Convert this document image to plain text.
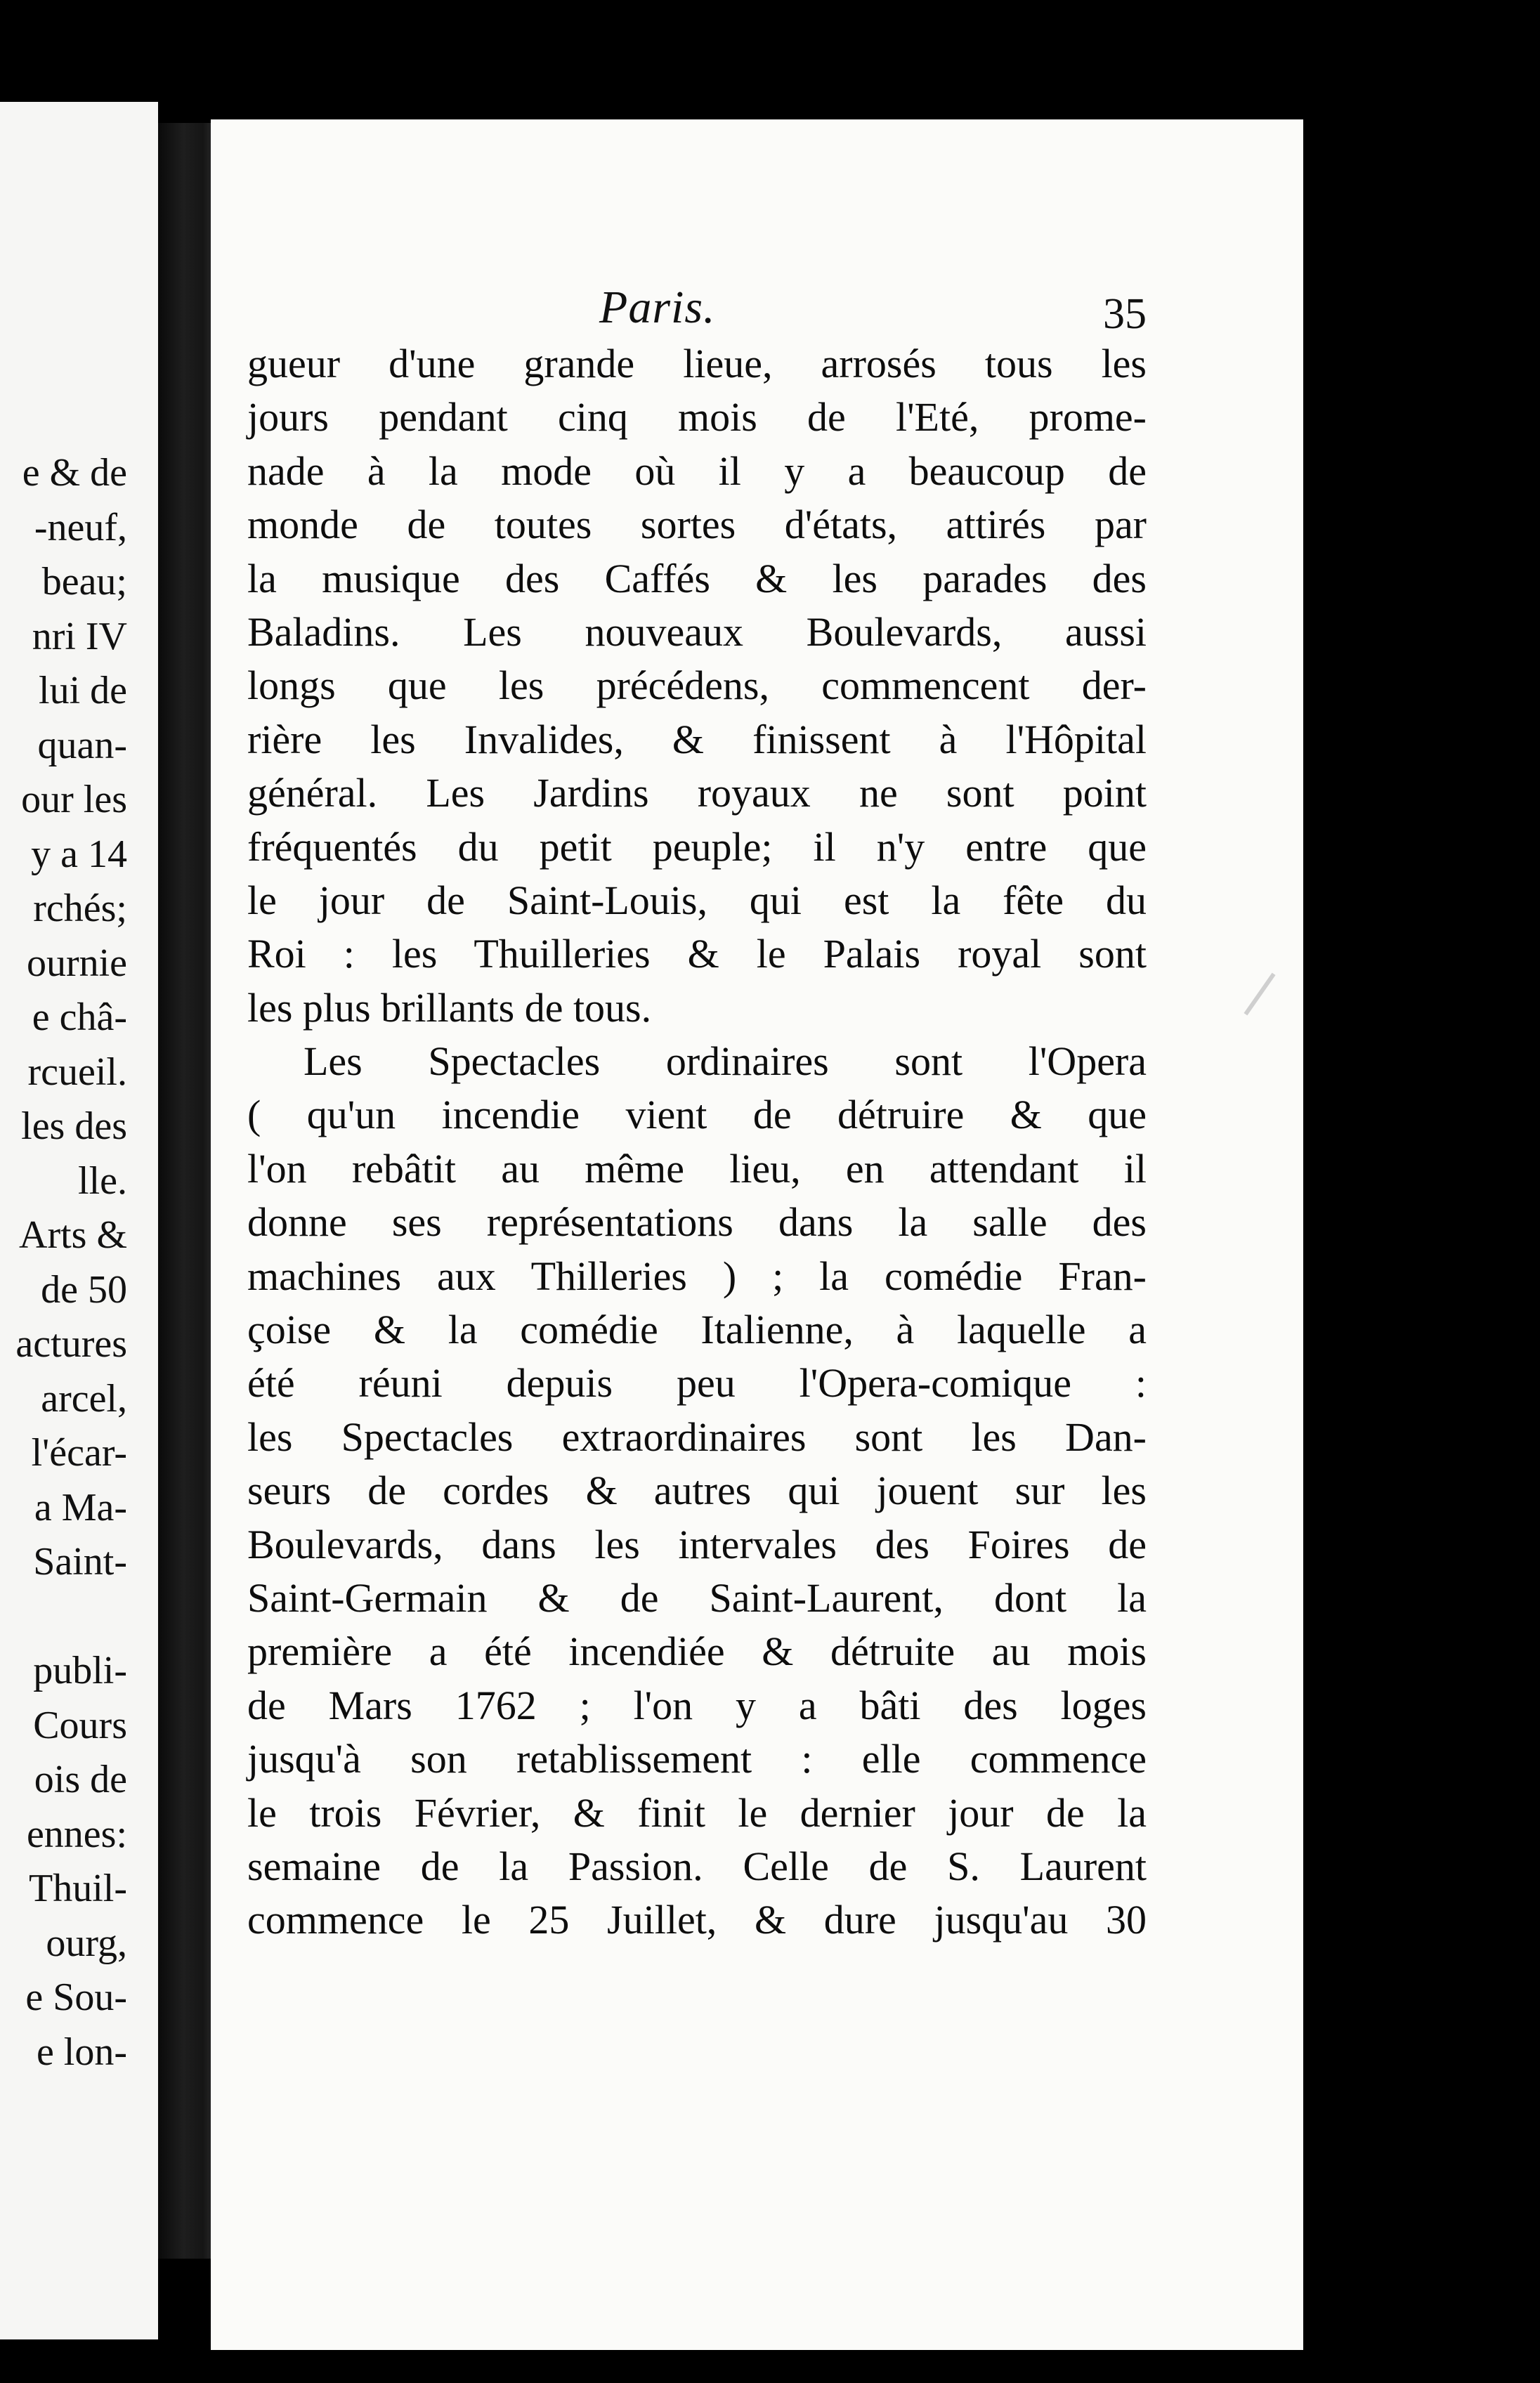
e & de
-neuf,
beau;
nri IV
lui de
quan-
our les
y a 14
rchés;
ournie
e châ-
rcueil.
les des
lle.
Arts &
de 50
actures
arcel,
l'écar-
a Ma-
Saint-
publi-
Cours
ois de
ennes:
Thuil-
ourg,
e Sou-
e lon-
Paris.	35
gueur d'une grande lieue, arrosés tous les
jours pendant cinq mois de l'Eté, prome-
nade à la mode où il y a beaucoup de
monde de toutes sortes d'états, attirés par
la musique des Caffés & les parades des
Baladins. Les nouveaux Boulevards, aussi
longs que les précédens, commencent der-
rière les Invalides, & finissent à l'Hôpital
général. Les Jardins royaux ne sont point
fréquentés du petit peuple; il n'y entre que
le jour de Saint-Louis, qui est la fête du
Roi : les Thuilleries & le Palais royal sont
les plus brillants de tous.
Les Spectacles ordinaires sont l'Opera
( qu'un incendie vient de détruire & que
l'on rebâtit au même lieu, en attendant il
donne ses représentations dans la salle des
machines aux Thilleries ) ; la comédie Fran-
çoise & la comédie Italienne, à laquelle a
été réuni depuis peu l'Opera-comique :
les Spectacles extraordinaires sont les Dan-
seurs de cordes & autres qui jouent sur les
Boulevards, dans les intervales des Foires de
Saint-Germain & de Saint-Laurent, dont la
première a été incendiée & détruite au mois
de Mars 1762 ; l'on y a bâti des loges
jusqu'à son retablissement : elle commence
le trois Février, & finit le dernier jour de la
semaine de la Passion. Celle de S. Laurent
commence le 25 Juillet, & dure jusqu'au 30
